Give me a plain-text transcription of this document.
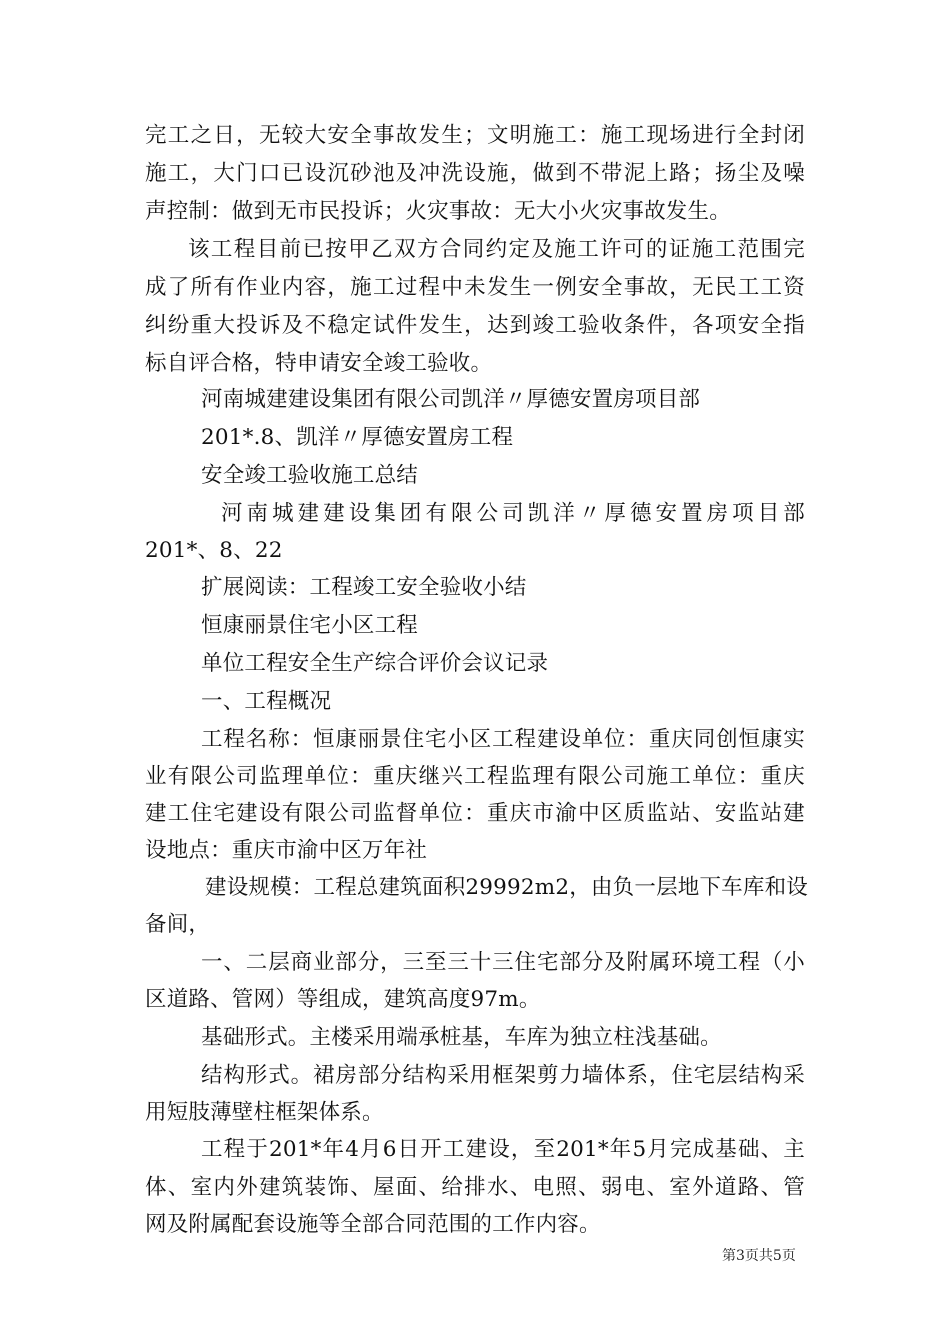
完工之日，无较大安全事故发生；文明施工：施工现场进行全封闭
施工，大门口已设沉砂池及冲洗设施，做到不带泥上路；扬尘及噪
声控制：做到无市民投诉；火灾事故：无大小火灾事故发生。
该工程目前已按甲乙双方合同约定及施工许可的证施工范围完
成了所有作业内容，施工过程中未发生一例安全事故，无民工工资
纠纷重大投诉及不稳定试件发生，达到竣工验收条件，各项安全指
标自评合格，特申请安全竣工验收。
河南城建建设集团有限公司凯洋〃厚德安置房项目部
201*.8、凯洋〃厚德安置房工程
安全竣工验收施工总结
河南城建建设集团有限公司凯洋〃厚德安置房项目部
201*、8、22
扩展阅读：工程竣工安全验收小结
恒康丽景住宅小区工程
单位工程安全生产综合评价会议记录
一、工程概况
工程名称：恒康丽景住宅小区工程建设单位：重庆同创恒康实
业有限公司监理单位：重庆继兴工程监理有限公司施工单位：重庆
建工住宅建设有限公司监督单位：重庆市渝中区质监站、安监站建
设地点：重庆市渝中区万年社
建设规模：工程总建筑面积29992m2，由负一层地下车库和设
备间，
一、二层商业部分，三至三十三住宅部分及附属环境工程（小
区道路、管网）等组成，建筑高度97m。
基础形式。主楼采用端承桩基，车库为独立柱浅基础。
结构形式。裙房部分结构采用框架剪力墙体系，住宅层结构采
用短肢薄壁柱框架体系。
工程于201*年4月6日开工建设，至201*年5月完成基础、主
体、室内外建筑装饰、屋面、给排水、电照、弱电、室外道路、管
网及附属配套设施等全部合同范围的工作内容。
第3页共5页
